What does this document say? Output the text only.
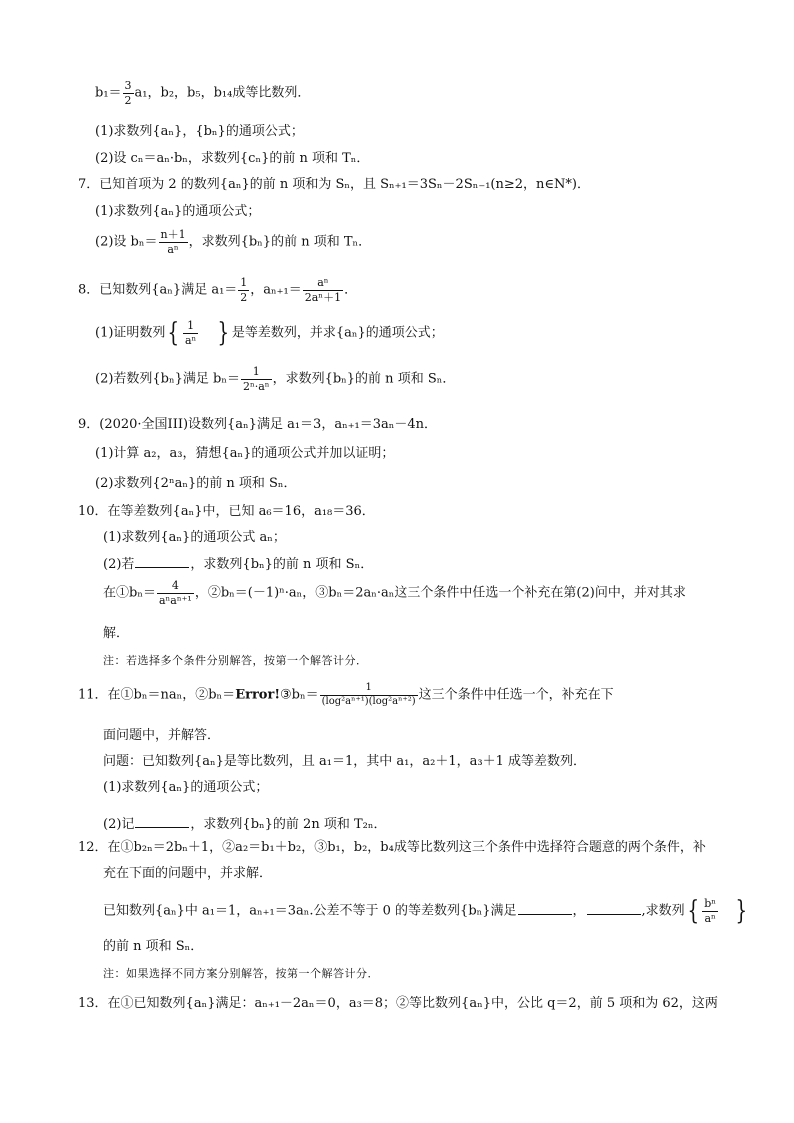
$b_1= \frac{3}{2} a_1$，b₂，b₅，b₁₄成等比数列．
(1)求数列{aₙ}，{bₙ}的通项公式；
(2)设 cₙ＝aₙ·bₙ，求数列{cₙ}的前 n 项和 Tₙ．
7．已知首项为 2 的数列{aₙ}的前 n 项和为 Sₙ，且 Sₙ₊₁＝3Sₙ－2Sₙ₋₁(n≥2，n∈N*)．
(1)求数列{aₙ}的通项公式；
(2)设 $b_n= \frac{n+1}{\text{aⁿ}}$ ，求数列{bₙ}的前 n 项和 Tₙ．
8．已知数列{aₙ}满足 $a_1= \frac{1}{2}$ ，$a_{n+1}= \frac{\text{aⁿ}}{\text{2aⁿ＋1}}$ ．
(1)证明数列{ $\frac{1}{\text{aⁿ}}$ } 是等差数列，并求{aₙ}的通项公式；
(2)若数列{bₙ}满足 $b_n= \frac{1}{\text{2ⁿ·aⁿ}}$ ，求数列{bₙ}的前 n 项和 Sₙ．
9．(2020·全国III)设数列{aₙ}满足 a₁＝3，aₙ₊₁＝3aₙ－4n．
(1)计算 a₂，a₃，猜想{aₙ}的通项公式并加以证明；
(2)求数列{2ⁿaₙ}的前 n 项和 Sₙ．
10．在等差数列{aₙ}中，已知 a₆＝16，a₁₈＝36．
(1)求数列{aₙ}的通项公式 aₙ；
(2)若	，求数列{bₙ}的前 n 项和 Sₙ．
在①bₙ＝ $\frac{4}{\text{aⁿaⁿ⁺¹}}$ ，②bₙ＝(－1)ⁿ·aₙ，③bₙ＝2aₙ·aₙ这三个条件中任选一个补充在第(2)问中，并对其求
解．
注：若选择多个条件分别解答，按第一个解答计分．
11．在①bₙ＝naₙ，②bₙ＝Error!③bₙ＝ $\frac{1}{\text{(log²aⁿ⁺¹)(log²aⁿ⁺²)}}$ 这三个条件中任选一个，补充在下
面问题中，并解答．
问题：已知数列{aₙ}是等比数列，且 a₁＝1，其中 a₁，a₂＋1，a₃＋1 成等差数列．
(1)求数列{aₙ}的通项公式；
(2)记	，求数列{bₙ}的前 2n 项和 T₂ₙ．
12．在①b₂ₙ＝2bₙ＋1，②a₂＝b₁＋b₂，③b₁，b₂，b₄成等比数列这三个条件中选择符合题意的两个条件，补
充在下面的问题中，并求解．
已知数列{aₙ}中 a₁＝1，aₙ₊₁＝3aₙ.公差不等于 0 的等差数列{bₙ}满足	，	,求数列{ $\frac{\text{bⁿ}}{\text{aⁿ}}$ }
的前 n 项和 Sₙ．
注：如果选择不同方案分别解答，按第一个解答计分．
13．在①已知数列{aₙ}满足：aₙ₊₁－2aₙ＝0，a₃＝8；②等比数列{aₙ}中，公比 q＝2，前 5 项和为 62，这两
